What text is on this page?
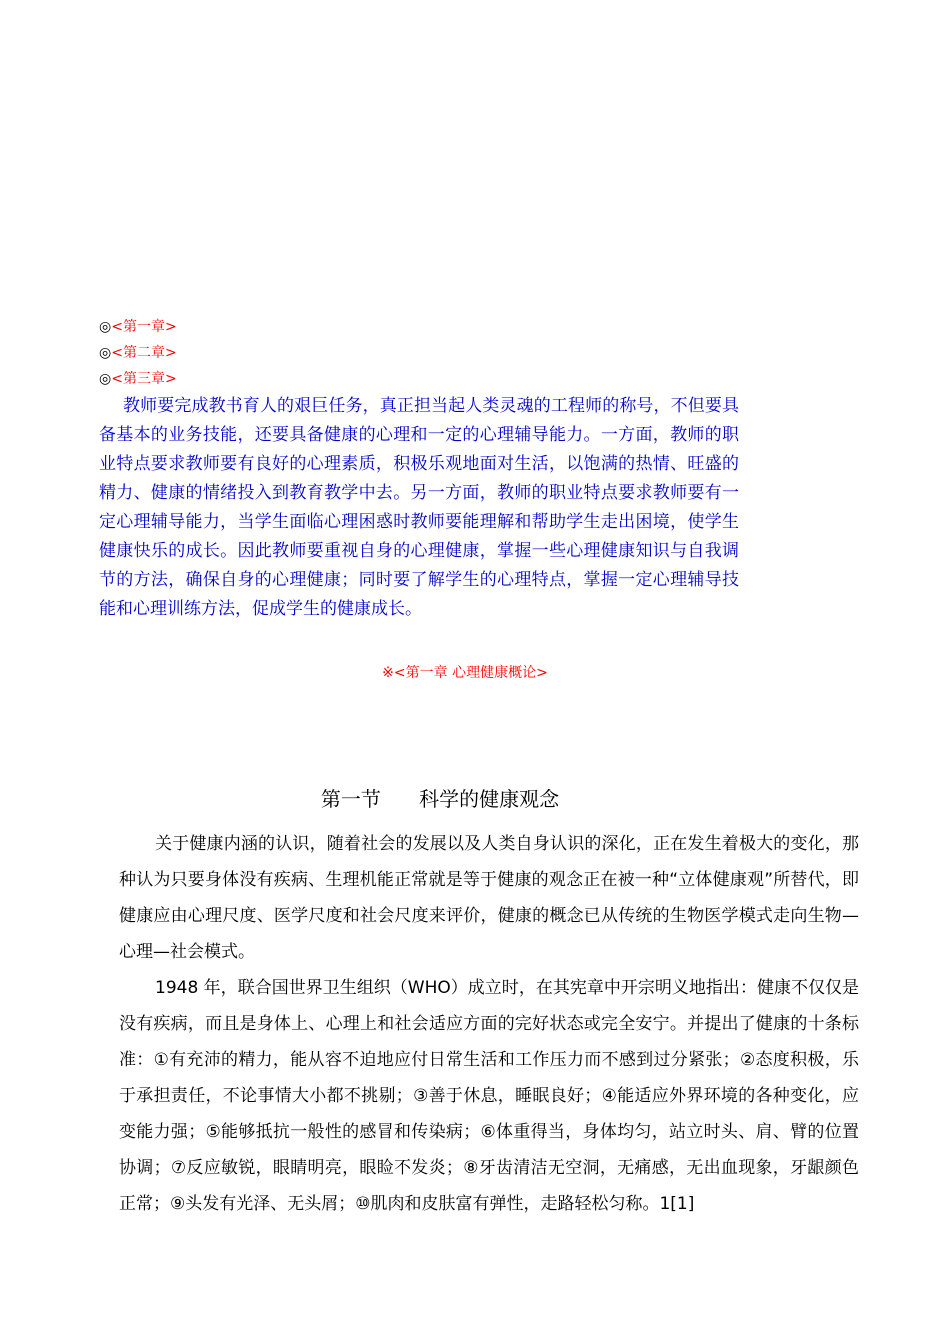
◎<第一章>
◎<第二章>
◎<第三章>

教师要完成教书育人的艰巨任务，真正担当起人类灵魂的工程师的称号，不但要具备基本的业务技能，还要具备健康的心理和一定的心理辅导能力。一方面，教师的职业特点要求教师要有良好的心理素质，积极乐观地面对生活，以饱满的热情、旺盛的精力、健康的情绪投入到教育教学中去。另一方面，教师的职业特点要求教师要有一定心理辅导能力，当学生面临心理困惑时教师要能理解和帮助学生走出困境，使学生健康快乐的成长。因此教师要重视自身的心理健康，掌握一些心理健康知识与自我调节的方法，确保自身的心理健康；同时要了解学生的心理特点，掌握一定心理辅导技能和心理训练方法，促成学生的健康成长。

※<第一章 心理健康概论>
第一节      科学的健康观念

关于健康内涵的认识，随着社会的发展以及人类自身认识的深化，正在发生着极大的变化，那种认为只要身体没有疾病、生理机能正常就是等于健康的观念正在被一种“立体健康观”所替代，即健康应由心理尺度、医学尺度和社会尺度来评价，健康的概念已从传统的生物医学模式走向生物—心理—社会模式。

1948 年，联合国世界卫生组织（WHO）成立时，在其宪章中开宗明义地指出：健康不仅仅是没有疾病，而且是身体上、心理上和社会适应方面的完好状态或完全安宁。并提出了健康的十条标准：①有充沛的精力，能从容不迫地应付日常生活和工作压力而不感到过分紧张；②态度积极，乐于承担责任，不论事情大小都不挑剔；③善于休息，睡眠良好；④能适应外界环境的各种变化，应变能力强；⑤能够抵抗一般性的感冒和传染病；⑥体重得当，身体均匀，站立时头、肩、臂的位置协调；⑦反应敏锐，眼睛明亮，眼睑不发炎；⑧牙齿清洁无空洞，无痛感，无出血现象，牙龈颜色正常；⑨头发有光泽、无头屑；⑩肌肉和皮肤富有弹性，走路轻松匀称。1[1]
